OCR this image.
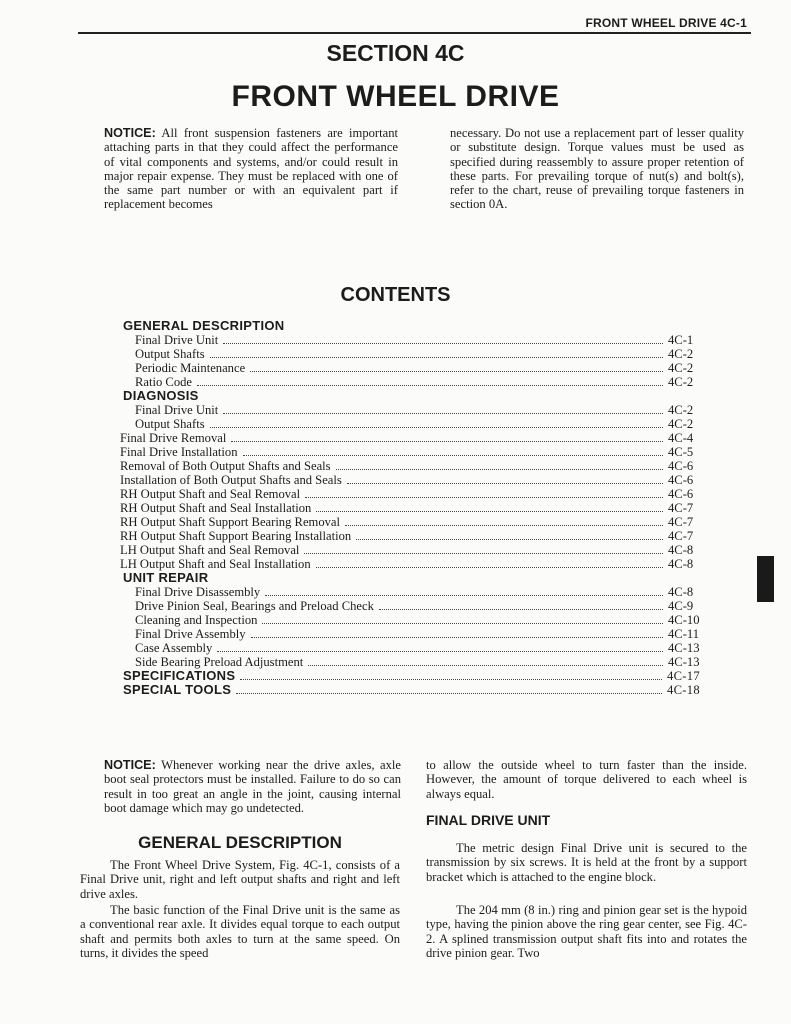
FRONT WHEEL DRIVE 4C-1
SECTION 4C
FRONT WHEEL DRIVE
NOTICE: All front suspension fasteners are important attaching parts in that they could affect the performance of vital components and systems, and/or could result in major repair expense. They must be replaced with one of the same part number or with an equivalent part if replacement becomes
necessary. Do not use a replacement part of lesser quality or substitute design. Torque values must be used as specified during reassembly to assure proper retention of these parts. For prevailing torque of nut(s) and bolt(s), refer to the chart, reuse of prevailing torque fasteners in section 0A.
CONTENTS
GENERAL DESCRIPTION
Final Drive Unit	4C-1
Output Shafts	4C-2
Periodic Maintenance	4C-2
Ratio Code	4C-2
DIAGNOSIS
Final Drive Unit	4C-2
Output Shafts	4C-2
Final Drive Removal	4C-4
Final Drive Installation	4C-5
Removal of Both Output Shafts and Seals	4C-6
Installation of Both Output Shafts and Seals	4C-6
RH Output Shaft and Seal Removal	4C-6
RH Output Shaft and Seal Installation	4C-7
RH Output Shaft Support Bearing Removal	4C-7
RH Output Shaft Support Bearing Installation	4C-7
LH Output Shaft and Seal Removal	4C-8
LH Output Shaft and Seal Installation	4C-8
UNIT REPAIR
Final Drive Disassembly	4C-8
Drive Pinion Seal, Bearings and Preload Check	4C-9
Cleaning and Inspection	4C-10
Final Drive Assembly	4C-11
Case Assembly	4C-13
Side Bearing Preload Adjustment	4C-13
SPECIFICATIONS	4C-17
SPECIAL TOOLS	4C-18
NOTICE: Whenever working near the drive axles, axle boot seal protectors must be installed. Failure to do so can result in too great an angle in the joint, causing internal boot damage which may go undetected.
GENERAL DESCRIPTION
The Front Wheel Drive System, Fig. 4C-1, consists of a Final Drive unit, right and left output shafts and right and left drive axles.
The basic function of the Final Drive unit is the same as a conventional rear axle. It divides equal torque to each output shaft and permits both axles to turn at the same speed. On turns, it divides the speed
to allow the outside wheel to turn faster than the inside. However, the amount of torque delivered to each wheel is always equal.
FINAL DRIVE UNIT
The metric design Final Drive unit is secured to the transmission by six screws. It is held at the front by a support bracket which is attached to the engine block.
The 204 mm (8 in.) ring and pinion gear set is the hypoid type, having the pinion above the ring gear center, see Fig. 4C-2. A splined transmission output shaft fits into and rotates the drive pinion gear. Two
